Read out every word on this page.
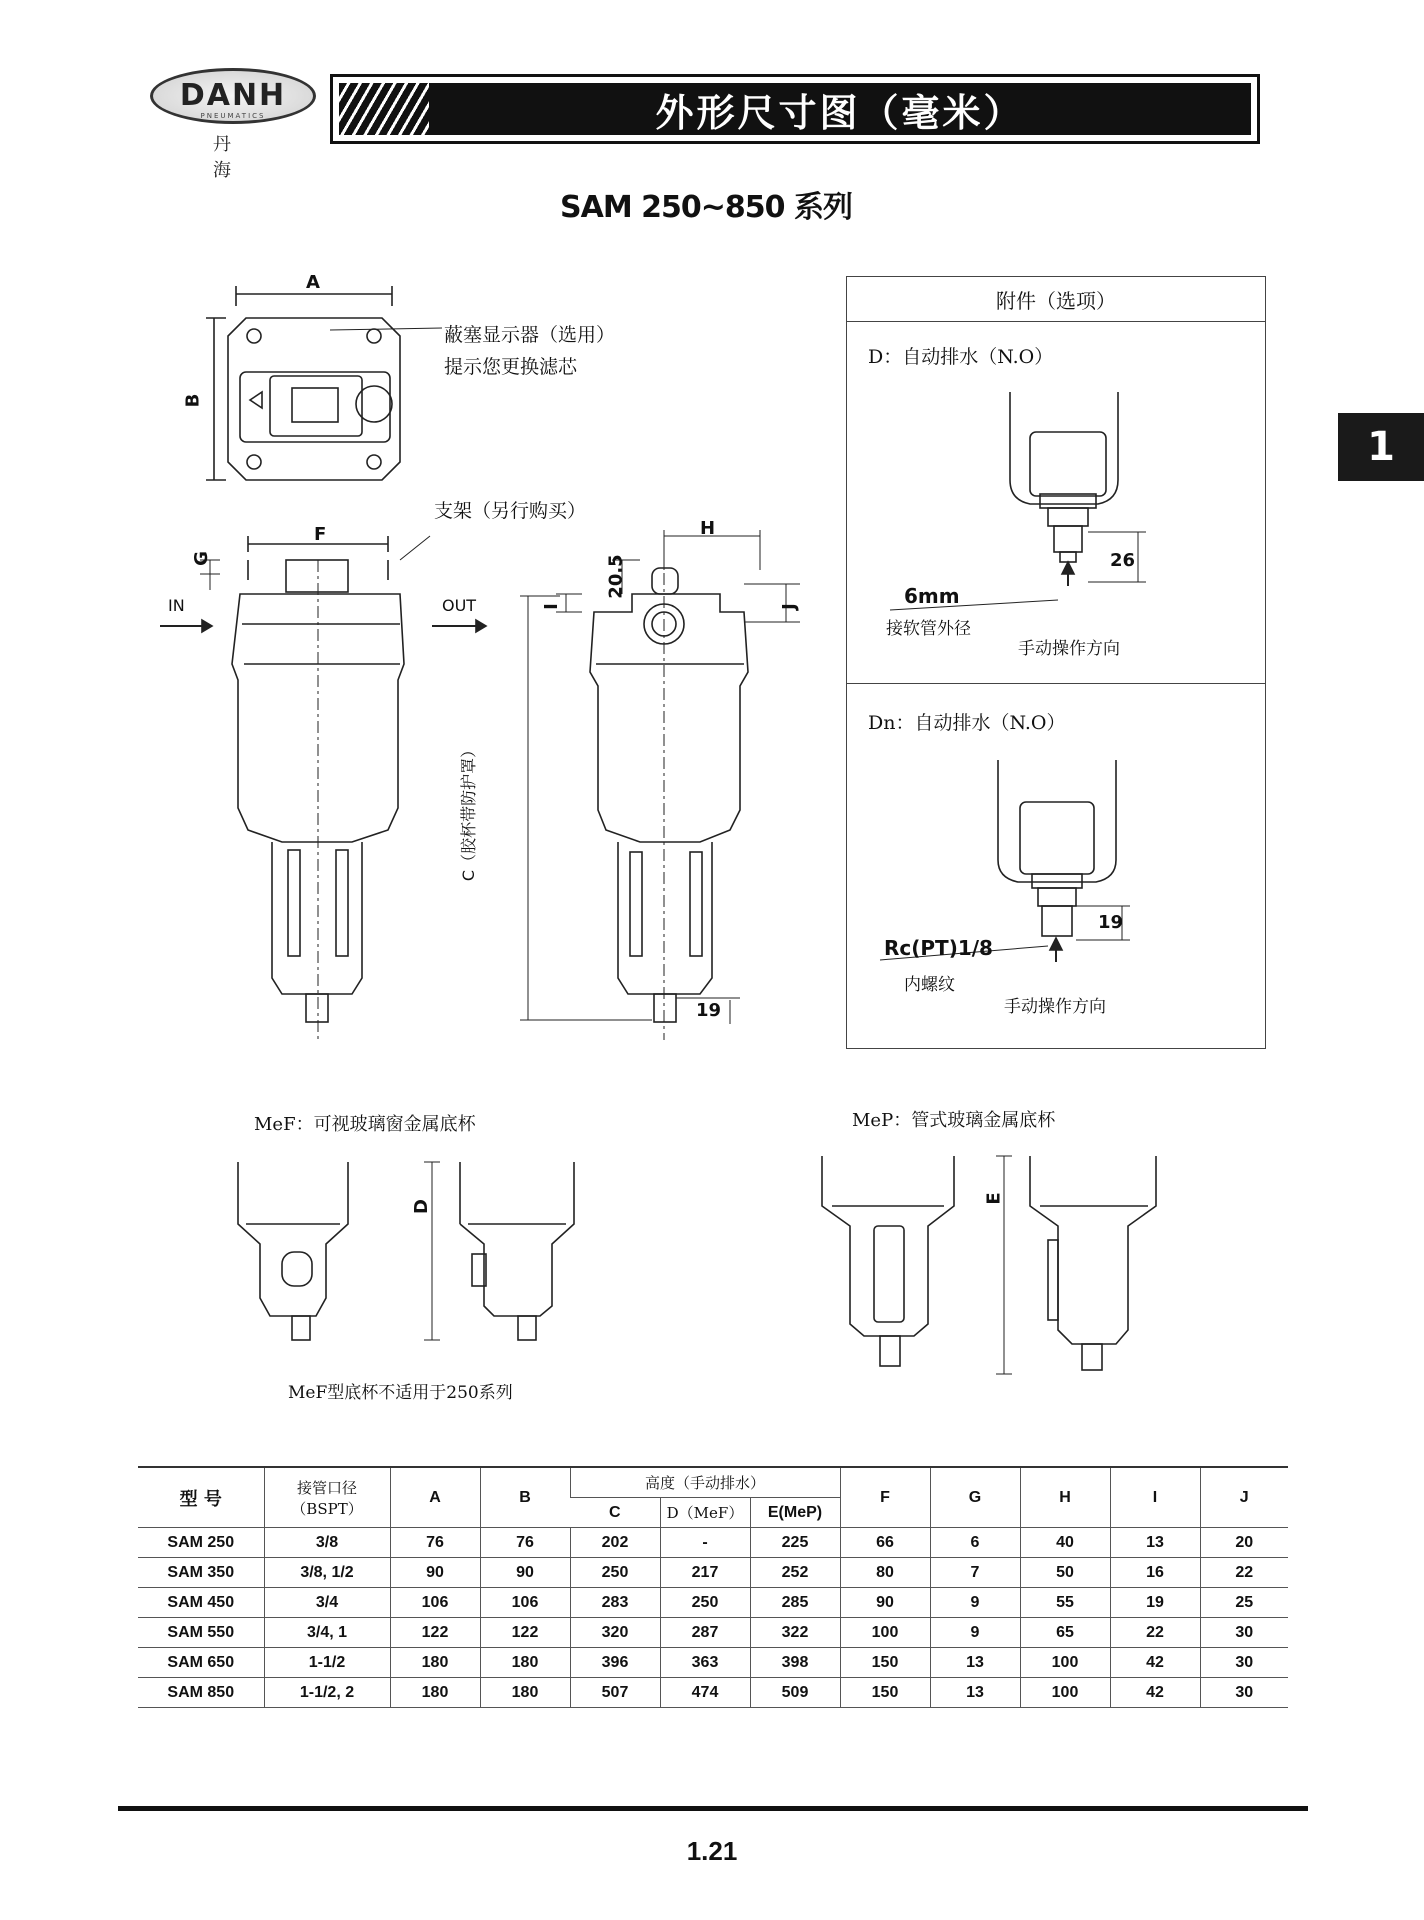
DANH
PNEUMATICS
丹 海
外形尺寸图（毫米）
SAM 250~850 系列
1
A
B
蔽塞显示器（选用）
提示您更换滤芯
支架（另行购买）
F
G
IN	OUT
H
20.5
I	J
C（胶杯带防护罩）
19
附件（选项）
D：自动排水（N.O）
6mm
接软管外径
手动操作方向
26
Dn：自动排水（N.O）
Rc(PT)1/8
内螺纹
手动操作方向
19
MeF：可视玻璃窗金属底杯	MeP：管式玻璃金属底杯
D
E
MeF型底杯不适用于250系列
型 号	接管口径
（BSPT）	A	B	高度（手动排水）			F	G	H	I	J
				C	D（MeF）	E(MeP)					
SAM 250	3/8	76	76	202	-	225	66	6	40	13	20
SAM 350	3/8, 1/2	90	90	250	217	252	80	7	50	16	22
SAM 450	3/4	106	106	283	250	285	90	9	55	19	25
SAM 550	3/4, 1	122	122	320	287	322	100	9	65	22	30
SAM 650	1-1/2	180	180	396	363	398	150	13	100	42	30
SAM 850	1-1/2, 2	180	180	507	474	509	150	13	100	42	30
1.21
